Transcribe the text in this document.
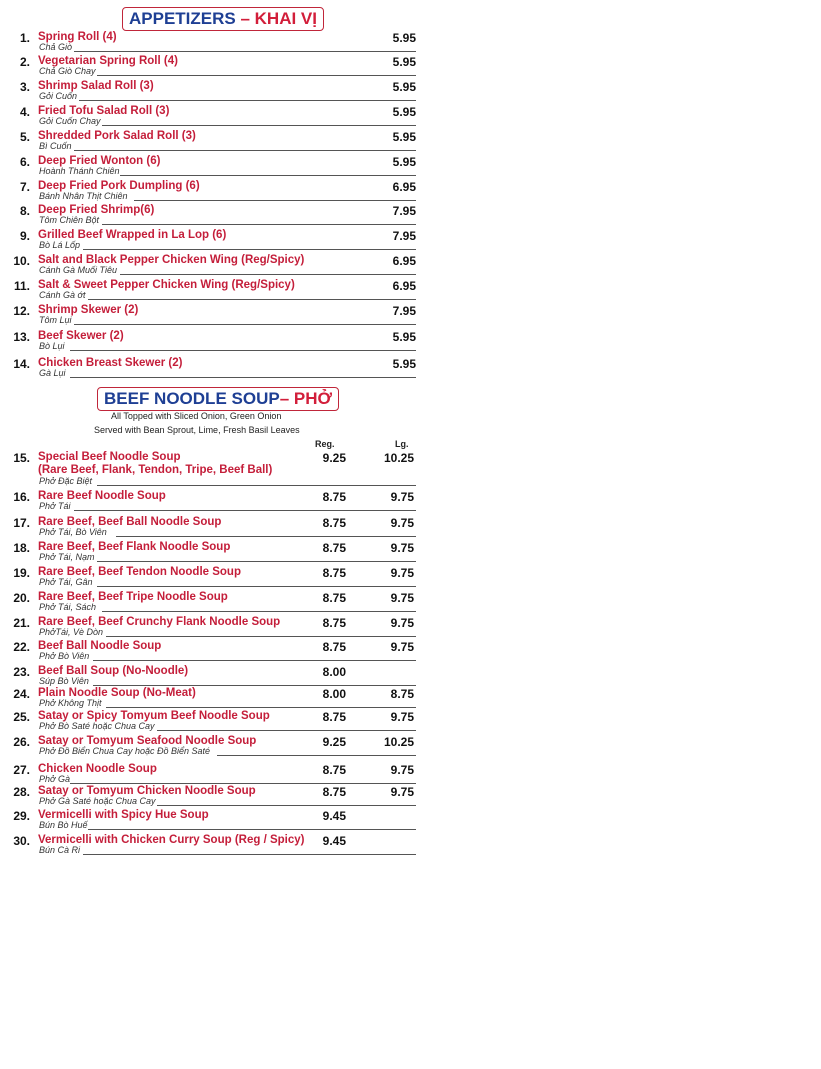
APPETIZERS – KHAI VỊ
1. Spring Roll (4)
Chả Giò
5.95
2. Vegetarian Spring Roll (4)
Chả Giò Chay
5.95
3. Shrimp Salad Roll (3)
Gỏi Cuốn
5.95
4. Fried Tofu Salad Roll (3)
Gỏi Cuốn Chay
5.95
5. Shredded Pork Salad Roll (3)
Bì Cuốn
5.95
6. Deep Fried Wonton (6)
Hoành Thánh Chiên
5.95
7. Deep Fried Pork Dumpling (6)
Bánh Nhân Thịt Chiên
6.95
8. Deep Fried Shrimp(6)
Tôm Chiên Bột
7.95
9. Grilled Beef Wrapped in La Lop (6)
Bò Lá Lốp
7.95
10. Salt and Black Pepper Chicken Wing (Reg/Spicy)
Cánh Gà Muối Tiêu
6.95
11. Salt & Sweet Pepper Chicken Wing (Reg/Spicy)
Cánh Gà ớt
6.95
12. Shrimp Skewer (2)
Tôm Lụi
7.95
13. Beef Skewer (2)
Bò Lụi
5.95
14. Chicken Breast Skewer (2)
Gà Lụi
5.95
BEEF NOODLE SOUP– PHỞ
All Topped with Sliced Onion, Green Onion
Served with Bean Sprout, Lime, Fresh Basil Leaves
Reg.	Lg.
15. Special Beef Noodle Soup
(Rare Beef, Flank, Tendon, Tripe, Beef Ball)
Phở Đặc Biệt
9.25	10.25
16. Rare Beef Noodle Soup
Phở Tái
8.75	9.75
17. Rare Beef, Beef Ball Noodle Soup
Phở Tái, Bò Viên
8.75	9.75
18. Rare Beef, Beef Flank Noodle Soup
Phở Tái, Nạm
8.75	9.75
19. Rare Beef, Beef Tendon Noodle Soup
Phở Tái, Gân
8.75	9.75
20. Rare Beef, Beef Tripe Noodle Soup
Phở Tái, Sách
8.75	9.75
21. Rare Beef, Beef Crunchy Flank Noodle Soup
PhởTái, Vè Dòn
8.75	9.75
22. Beef Ball Noodle Soup
Phở Bò Viên
8.75	9.75
23. Beef Ball Soup (No-Noodle)
Súp Bò Viên
8.00
24. Plain Noodle Soup (No-Meat)
Phở Không Thịt
8.00	8.75
25. Satay or Spicy Tomyum Beef Noodle Soup
Phở Bò Saté hoặc Chua Cay
8.75	9.75
26. Satay or Tomyum Seafood Noodle Soup
Phở Đồ Biển Chua Cay hoặc Đồ Biển Saté
9.25	10.25
27. Chicken Noodle Soup
Phở Gà
8.75	9.75
28. Satay or Tomyum Chicken Noodle Soup
Phở Gà Saté hoặc Chua Cay
8.75	9.75
29. Vermicelli with Spicy Hue Soup
Bún Bò Huế
9.45
30. Vermicelli with Chicken Curry Soup (Reg / Spicy)
Bún Cà Ri
9.45
